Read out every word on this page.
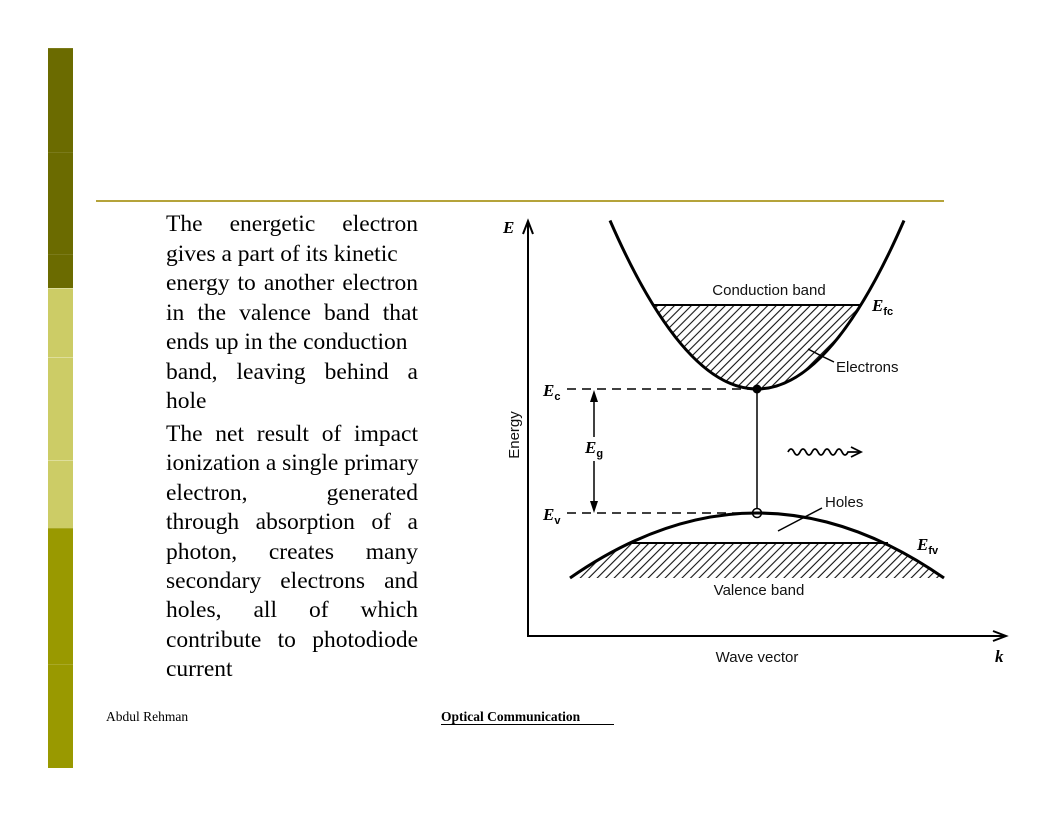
The energetic electron
gives a part of its kinetic
energy to another electron
in the valence band that
ends up in the conduction
band, leaving behind a
hole
The net result of impact
ionization a single primary
electron, generated
through absorption of a
photon, creates many
secondary electrons and
holes, all of which
contribute to photodiode
current
Abdul Rehman	Optical Communication
E
k
Energy
Wave vector
Conduction band
$E_{fc}$
Electrons
$E_c$
$E_v$
$E_g$
$E_{fv}$
Holes
Valence band
